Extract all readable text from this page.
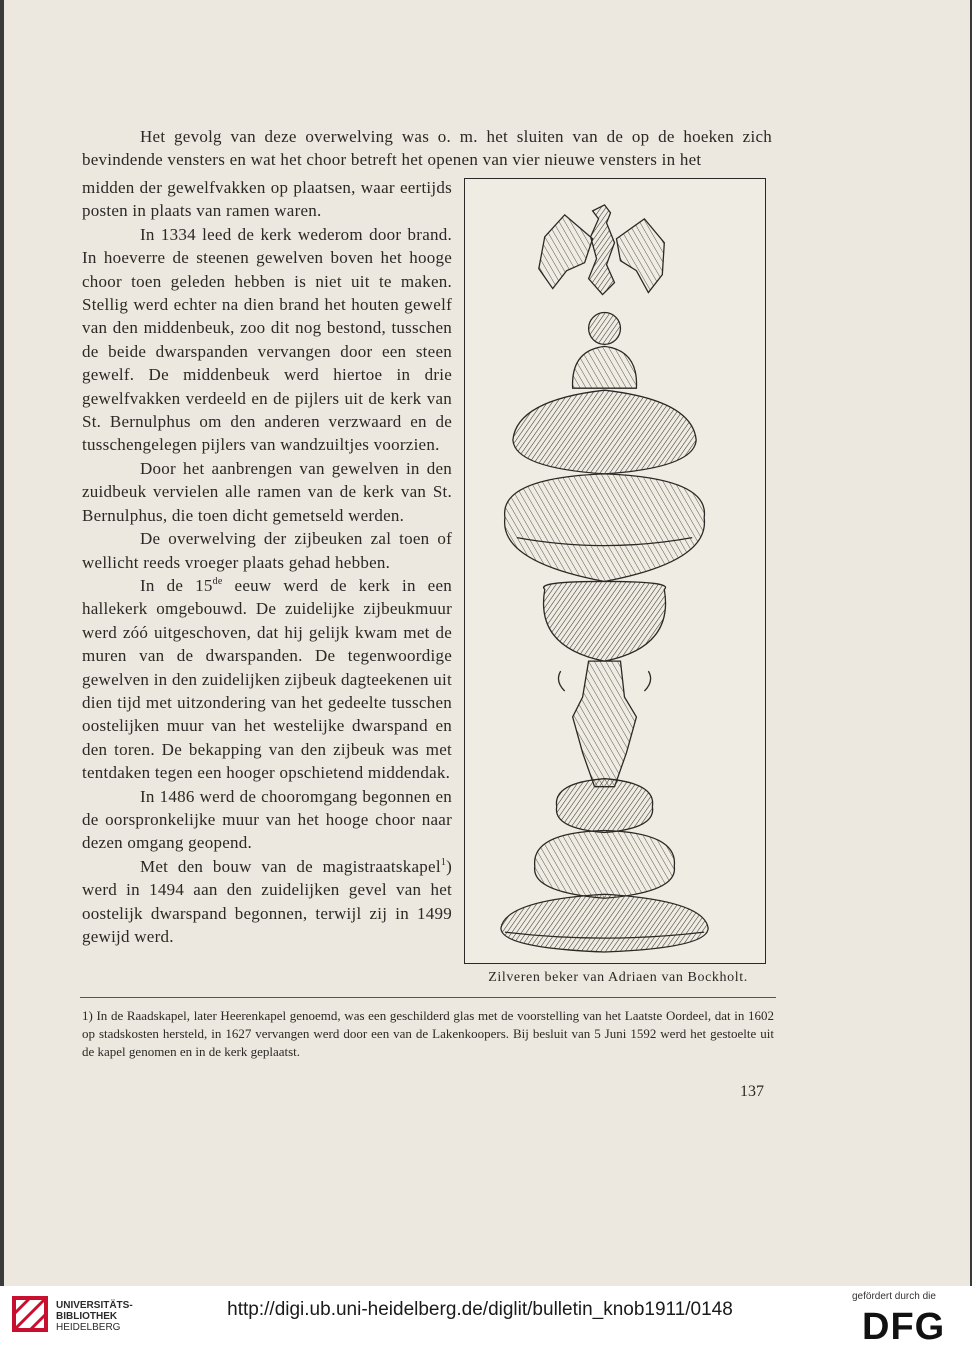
Het gevolg van deze overwelving was o. m. het sluiten van de op de hoeken zich bevindende vensters en wat het choor betreft het openen van vier nieuwe vensters in het

midden der gewelfvakken op plaatsen, waar eertijds posten in plaats van ramen waren.

In 1334 leed de kerk wederom door brand. In hoeverre de steenen gewelven boven het hooge choor toen geleden hebben is niet uit te maken. Stellig werd echter na dien brand het houten gewelf van den middenbeuk, zoo dit nog bestond, tusschen de beide dwarspanden vervangen door een steen gewelf. De middenbeuk werd hiertoe in drie gewelfvakken verdeeld en de pijlers uit de kerk van St. Bernulphus om den anderen verzwaard en de tusschengelegen pijlers van wandzuiltjes voorzien.

Door het aanbrengen van gewelven in den zuidbeuk vervielen alle ramen van de kerk van St. Bernulphus, die toen dicht gemetseld werden.

De overwelving der zijbeuken zal toen of wellicht reeds vroeger plaats gehad hebben.

In de 15de eeuw werd de kerk in een hallekerk omgebouwd. De zuidelijke zijbeukmuur werd zóó uitgeschoven, dat hij gelijk kwam met de muren van de dwarspanden. De tegenwoordige gewelven in den zuidelijken zijbeuk dagteekenen uit dien tijd met uitzondering van het gedeelte tusschen oostelijken muur van het westelijke dwarspand en den toren. De bekapping van den zijbeuk was met tentdaken tegen een hooger opschietend middendak.

In 1486 werd de chooromgang begonnen en de oorspronkelijke muur van het hooge choor naar dezen omgang geopend.

Met den bouw van de magistraatskapel$^1$) werd in 1494 aan den zuidelijken gevel van het oostelijk dwarspand begonnen, terwijl zij in 1499 gewijd werd.

Zilveren beker van Adriaen van Bockholt.
1) In de Raadskapel, later Heerenkapel genoemd, was een geschilderd glas met de voorstelling van het Laatste Oordeel, dat in 1602 op stadskosten hersteld, in 1627 vervangen werd door een van de Lakenkoopers. Bij besluit van 5 Juni 1592 werd het gestoelte uit de kapel genomen en in de kerk geplaatst.
137
UNIVERSITÄTS-
BIBLIOTHEK
HEIDELBERG
http://digi.ub.uni-heidelberg.de/diglit/bulletin_knob1911/0148
gefördert durch die
DFG
